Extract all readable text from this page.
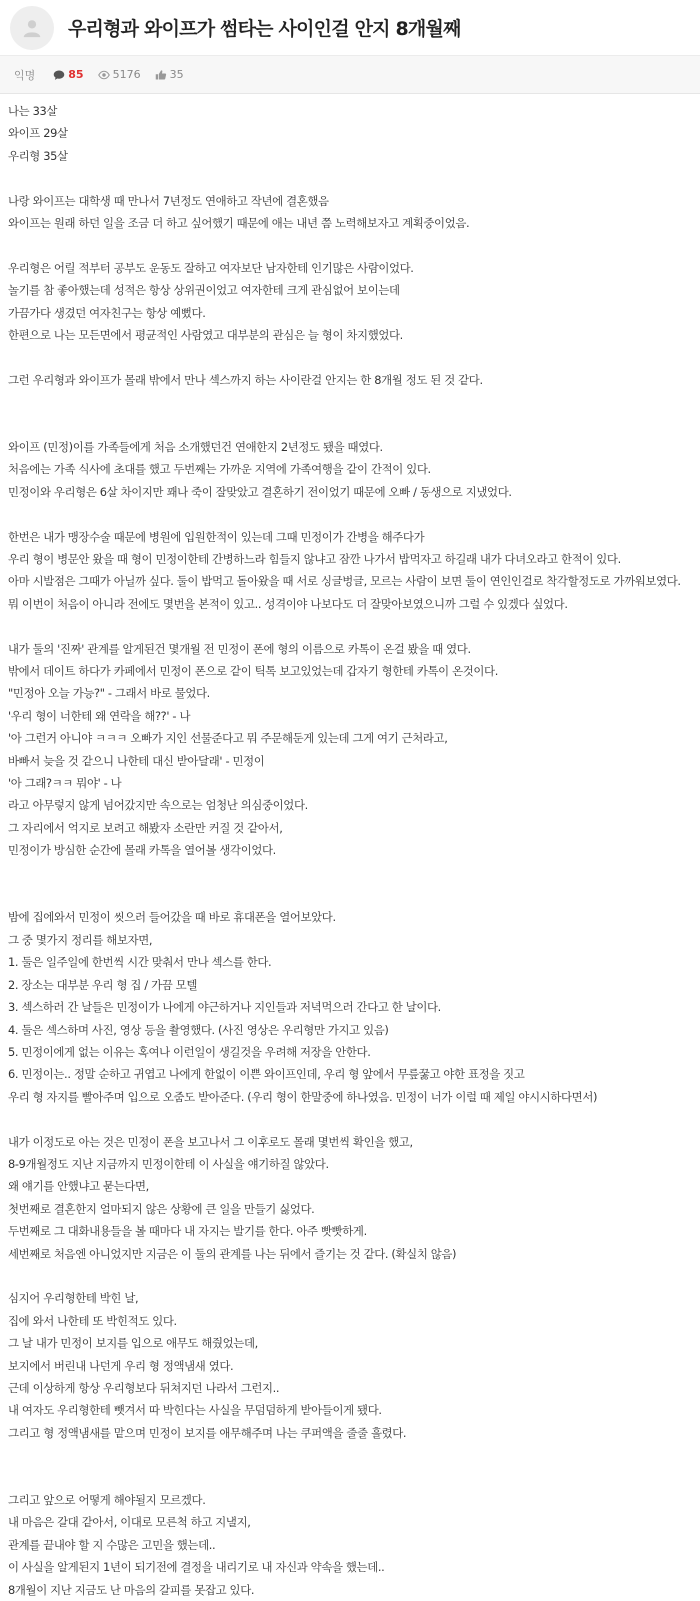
우리형과 와이프가 썸타는 사이인걸 안지 8개월째
익명	85	5176	35
나는 33살
와이프 29살
우리형 35살
나랑 와이프는 대학생 때 만나서 7년정도 연애하고 작년에 결혼했음
와이프는 원래 하던 일을 조금 더 하고 싶어했기 때문에 애는 내년 쯤 노력해보자고 계획중이었음.
우리형은 어릴 적부터 공부도 운동도 잘하고 여자보단 남자한테 인기많은 사람이었다.
놀기를 참 좋아했는데 성적은 항상 상위권이었고 여자한테 크게 관심없어 보이는데
가끔가다 생겼던 여자친구는 항상 예뻤다.
한편으로 나는 모든면에서 평균적인 사람였고 대부분의 관심은 늘 형이 차지했었다.
그런 우리형과 와이프가 몰래 밖에서 만나 섹스까지 하는 사이란걸 안지는 한 8개월 정도 된 것 같다.
와이프 (민정)이를 가족들에게 처음 소개했던건 연애한지 2년정도 됐을 때였다.
처음에는 가족 식사에 초대를 했고 두번째는 가까운 지역에 가족여행을 같이 간적이 있다.
민정이와 우리형은 6살 차이지만 꽤나 죽이 잘맞았고 결혼하기 전이었기 때문에 오빠 / 동생으로 지냈었다.
한번은 내가 맹장수술 때문에 병원에 입원한적이 있는데 그때 민정이가 간병을 해주다가
우리 형이 병문안 왔을 때 형이 민정이한테 간병하느라 힘들지 않냐고 잠깐 나가서 밥먹자고 하길래 내가 다녀오라고 한적이 있다.
아마 시발점은 그때가 아닐까 싶다. 둘이 밥먹고 돌아왔을 때 서로 싱글벙글, 모르는 사람이 보면 둘이 연인인걸로 착각할정도로 가까워보였다.
뭐 이번이 처음이 아니라 전에도 몇번을 본적이 있고.. 성격이야 나보다도 더 잘맞아보였으니까 그럴 수 있겠다 싶었다.
내가 둘의 '진짜' 관계를 알게된건 몇개월 전 민정이 폰에 형의 이름으로 카톡이 온걸 봤을 때 였다.
밖에서 데이트 하다가 카페에서 민정이 폰으로 같이 틱톡 보고있었는데 갑자기 형한테 카톡이 온것이다.
"민정아 오늘 가능?" - 그래서 바로 물었다.
'우리 형이 너한테 왜 연락을 해??' - 나
'아 그런거 아니야 ㅋㅋㅋ 오빠가 지인 선물준다고 뭐 주문해둔게 있는데 그게 여기 근처라고,
바빠서 늦을 것 같으니 나한테 대신 받아달래' - 민정이
'아 그래?ㅋㅋ 뭐야' - 나
라고 아무렇지 않게 넘어갔지만 속으로는 엄청난 의심중이었다.
그 자리에서 억지로 보려고 해봤자 소란만 커질 것 같아서,
민정이가 방심한 순간에 몰래 카톡을 열어볼 생각이었다.
밤에 집에와서 민정이 씻으러 들어갔을 때 바로 휴대폰을 열어보았다.
그 중 몇가지 정리를 해보자면,
1. 둘은 일주일에 한번씩 시간 맞춰서 만나 섹스를 한다.
2. 장소는 대부분 우리 형 집 / 가끔 모텔
3. 섹스하러 간 날들은 민정이가 나에게 야근하거나 지인들과 저녁먹으러 간다고 한 날이다.
4. 둘은 섹스하며 사진, 영상 등을 촬영했다. (사진 영상은 우리형만 가지고 있음)
5. 민정이에게 없는 이유는 혹여나 이런일이 생길것을 우려해 저장을 안한다.
6. 민정이는.. 정말 순하고 귀엽고 나에게 한없이 이쁜 와이프인데, 우리 형 앞에서 무릎꿇고 야한 표정을 짓고
우리 형 자지를 빨아주며 입으로 오줌도 받아준다. (우리 형이 한말중에 하나였음. 민정이 너가 이럴 때 제일 야시시하다면서)
내가 이정도로 아는 것은 민정이 폰을 보고나서 그 이후로도 몰래 몇번씩 확인을 했고,
8-9개월정도 지난 지금까지 민정이한테 이 사실을 얘기하질 않았다.
왜 얘기를 안했냐고 묻는다면,
첫번째로 결혼한지 얼마되지 않은 상황에 큰 일을 만들기 싫었다.
두번째로 그 대화내용들을 볼 때마다 내 자지는 발기를 한다. 아주 빳빳하게.
세번째로 처음엔 아니었지만 지금은 이 둘의 관계를 나는 뒤에서 즐기는 것 같다. (확실치 않음)
심지어 우리형한테 박힌 날,
집에 와서 나한테 또 박힌적도 있다.
그 날 내가 민정이 보지를 입으로 애무도 해줬었는데,
보지에서 버린내 나던게 우리 형 정액냄새 였다.
근데 이상하게 항상 우리형보다 뒤쳐지던 나라서 그런지..
내 여자도 우리형한테 뺏겨서 따 박힌다는 사실을 무덤덤하게 받아들이게 됐다.
그리고 형 정액냄새를 맡으며 민정이 보지를 애무해주며 나는 쿠퍼액을 줄줄 흘렸다.
그리고 앞으로 어떻게 해야될지 모르겠다.
내 마음은 갈대 같아서, 이대로 모른척 하고 지낼지,
관계를 끝내야 할 지 수많은 고민을 했는데..
이 사실을 알게된지 1년이 되기전에 결정을 내리기로 내 자신과 약속을 했는데..
8개월이 지난 지금도 난 마음의 갈피를 못잡고 있다.
